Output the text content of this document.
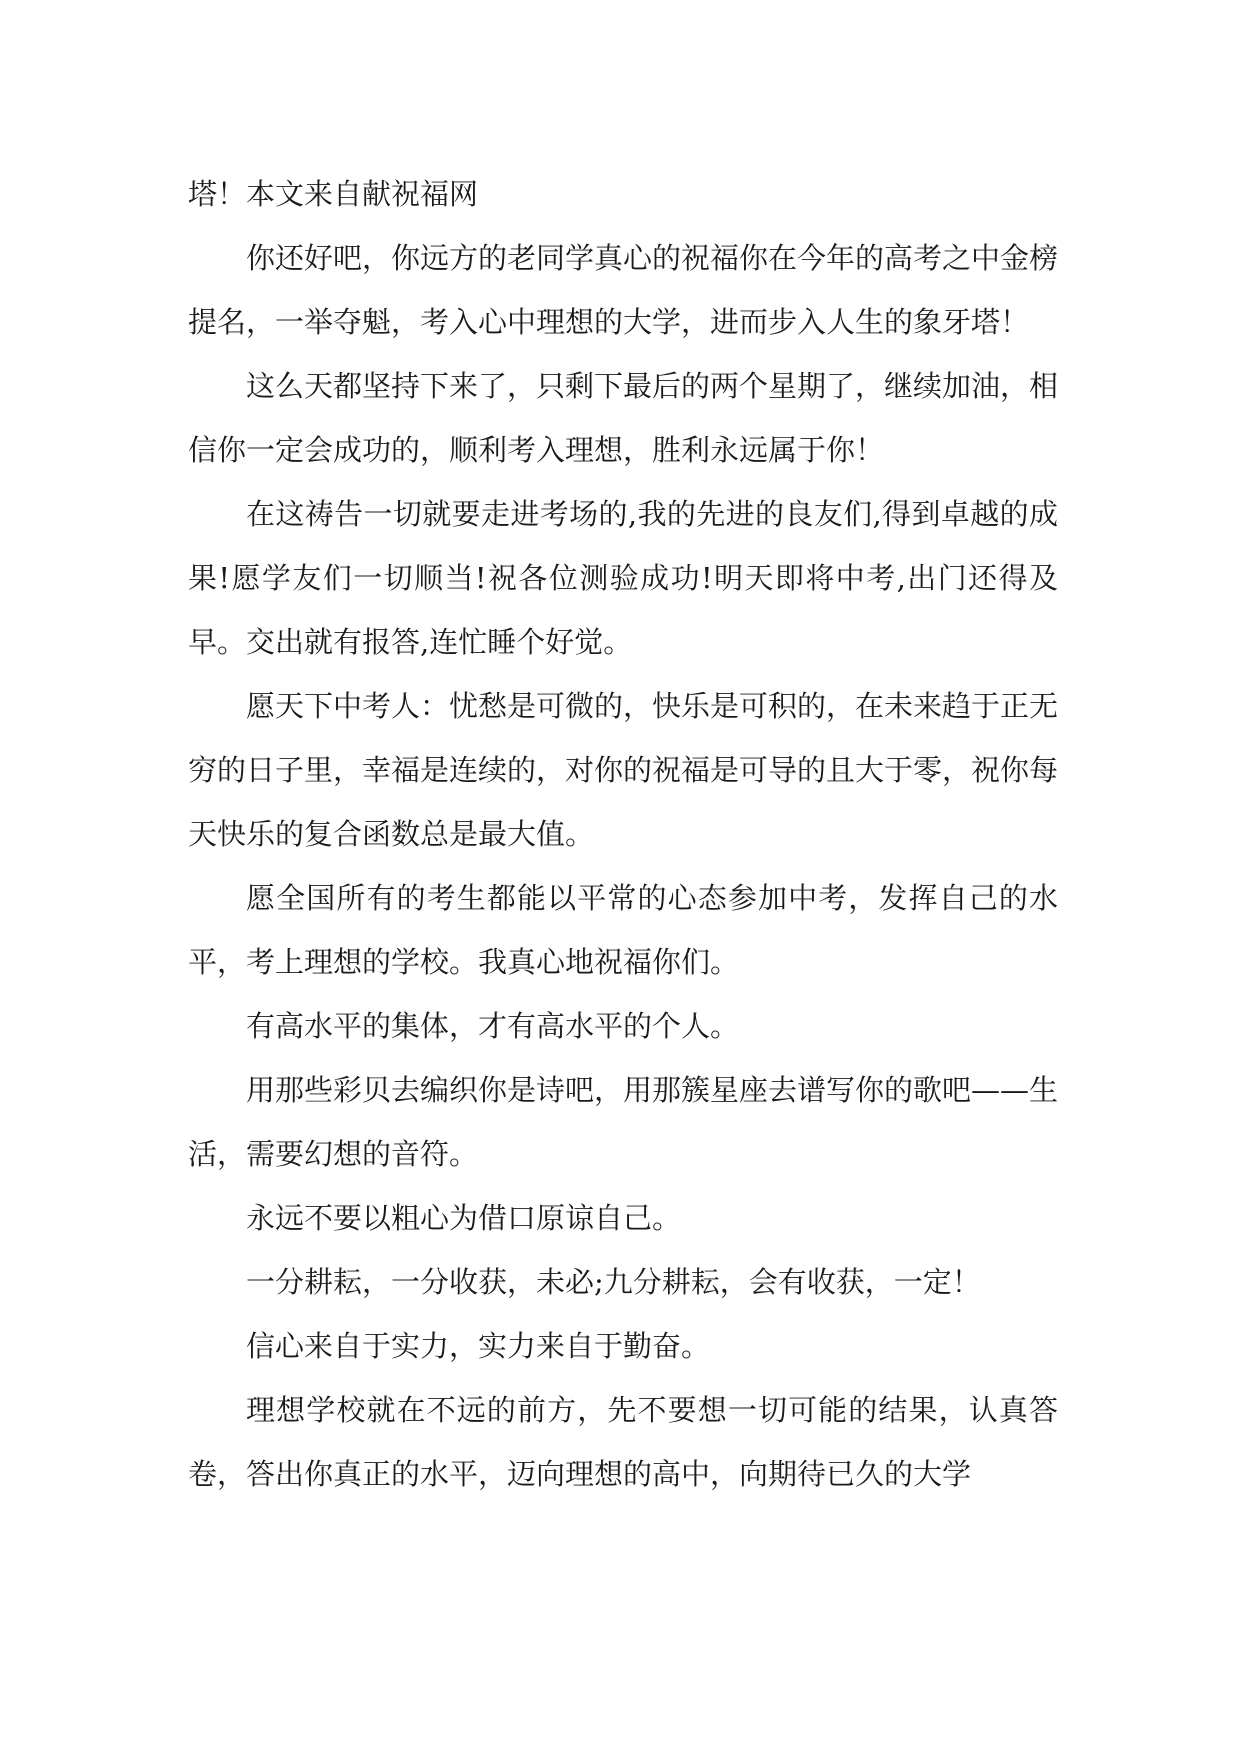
塔！本文来自献祝福网

你还好吧，你远方的老同学真心的祝福你在今年的高考之中金榜提名，一举夺魁，考入心中理想的大学，进而步入人生的象牙塔！

这么天都坚持下来了，只剩下最后的两个星期了，继续加油，相信你一定会成功的，顺利考入理想，胜利永远属于你！

在这祷告一切就要走进考场的,我的先进的良友们,得到卓越的成果!愿学友们一切顺当!祝各位测验成功!明天即将中考,出门还得及早。交出就有报答,连忙睡个好觉。

愿天下中考人：忧愁是可微的，快乐是可积的，在未来趋于正无穷的日子里，幸福是连续的，对你的祝福是可导的且大于零，祝你每天快乐的复合函数总是最大值。

愿全国所有的考生都能以平常的心态参加中考，发挥自己的水平，考上理想的学校。我真心地祝福你们。

有高水平的集体，才有高水平的个人。

用那些彩贝去编织你是诗吧，用那簇星座去谱写你的歌吧——生活，需要幻想的音符。

永远不要以粗心为借口原谅自己。

一分耕耘，一分收获，未必;九分耕耘，会有收获，一定！

信心来自于实力，实力来自于勤奋。

理想学校就在不远的前方，先不要想一切可能的结果，认真答卷，答出你真正的水平，迈向理想的高中，向期待已久的大学
